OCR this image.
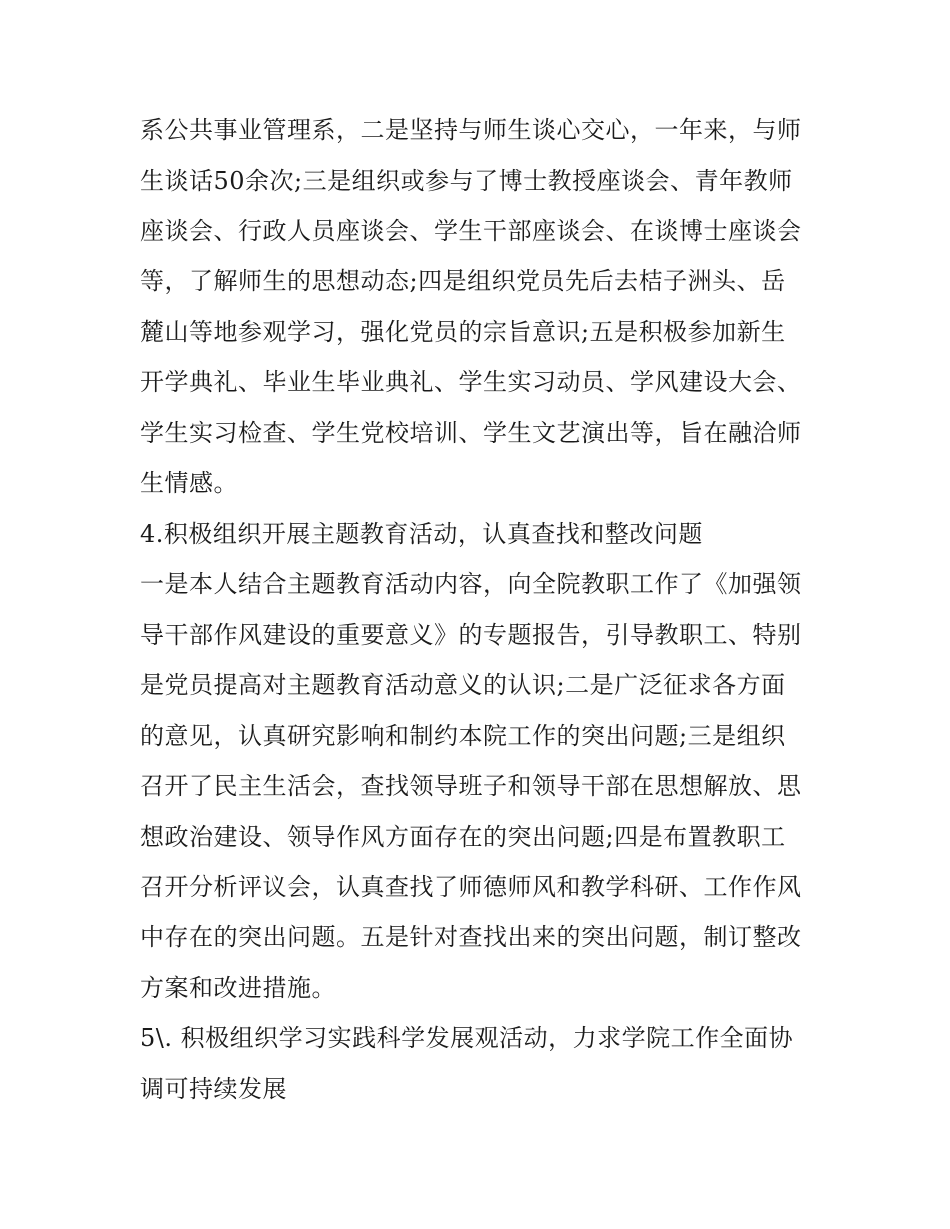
系公共事业管理系，二是坚持与师生谈心交心，一年来，与师
生谈话50余次;三是组织或参与了博士教授座谈会、青年教师
座谈会、行政人员座谈会、学生干部座谈会、在谈博士座谈会
等，了解师生的思想动态;四是组织党员先后去桔子洲头、岳
麓山等地参观学习，强化党员的宗旨意识;五是积极参加新生
开学典礼、毕业生毕业典礼、学生实习动员、学风建设大会、
学生实习检查、学生党校培训、学生文艺演出等，旨在融洽师
生情感。
4.积极组织开展主题教育活动，认真查找和整改问题
一是本人结合主题教育活动内容，向全院教职工作了《加强领
导干部作风建设的重要意义》的专题报告，引导教职工、特别
是党员提高对主题教育活动意义的认识;二是广泛征求各方面
的意见，认真研究影响和制约本院工作的突出问题;三是组织
召开了民主生活会，查找领导班子和领导干部在思想解放、思
想政治建设、领导作风方面存在的突出问题;四是布置教职工
召开分析评议会，认真查找了师德师风和教学科研、工作作风
中存在的突出问题。五是针对查找出来的突出问题，制订整改
方案和改进措施。
5\. 积极组织学习实践科学发展观活动，力求学院工作全面协
调可持续发展
